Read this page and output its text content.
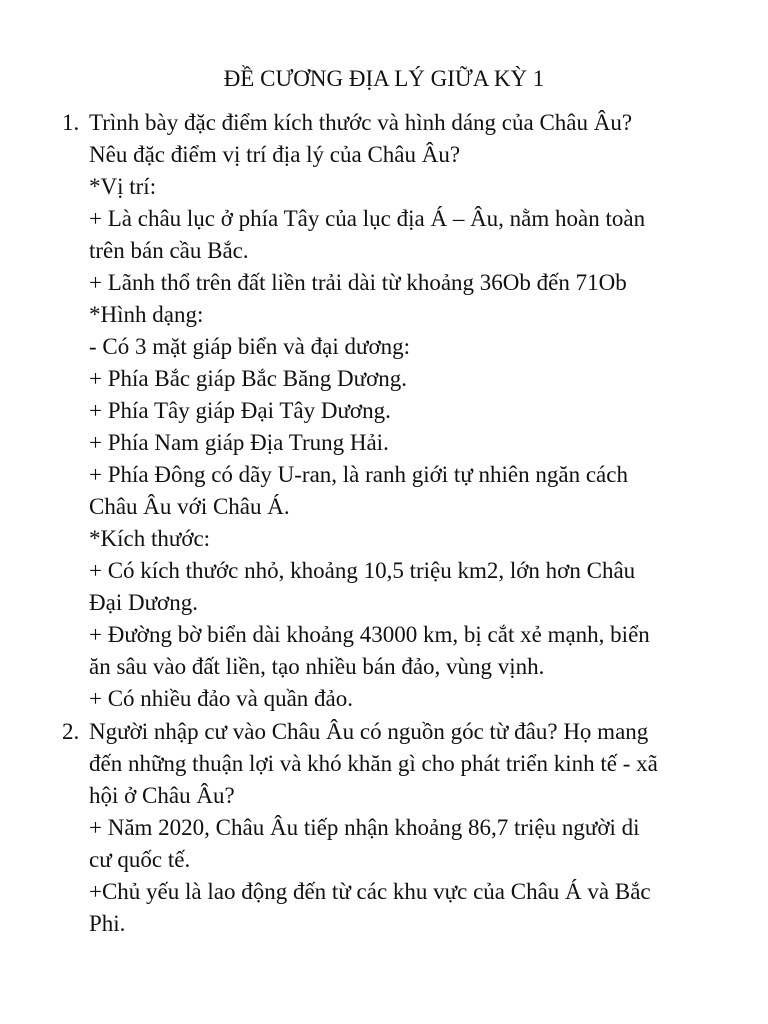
ĐỀ CƯƠNG ĐỊA LÝ GIỮA KỲ 1
1. Trình bày đặc điểm kích thước và hình dáng của Châu Âu?
Nêu đặc điểm vị trí địa lý của Châu Âu?
*Vị trí:
+ Là châu lục ở phía Tây của lục địa Á – Âu, nằm hoàn toàn
trên bán cầu Bắc.
+ Lãnh thổ trên đất liền trải dài từ khoảng 36Ob đến 71Ob
*Hình dạng:
- Có 3 mặt giáp biển và đại dương:
+ Phía Bắc giáp Bắc Băng Dương.
+ Phía Tây giáp Đại Tây Dương.
+ Phía Nam giáp Địa Trung Hải.
+ Phía Đông có dãy U-ran, là ranh giới tự nhiên ngăn cách
Châu Âu với Châu Á.
*Kích thước:
+ Có kích thước nhỏ, khoảng 10,5 triệu km2, lớn hơn Châu
Đại Dương.
+ Đường bờ biển dài khoảng 43000 km, bị cắt xẻ mạnh, biển
ăn sâu vào đất liền, tạo nhiều bán đảo, vùng vịnh.
+ Có nhiều đảo và quần đảo.
2. Người nhập cư vào Châu Âu có nguồn góc từ đâu? Họ mang
đến những thuận lợi và khó khăn gì cho phát triển kinh tế - xã
hội ở Châu Âu?
+ Năm 2020, Châu Âu tiếp nhận khoảng 86,7 triệu người di
cư quốc tế.
+Chủ yếu là lao động đến từ các khu vực của Châu Á và Bắc
Phi.
